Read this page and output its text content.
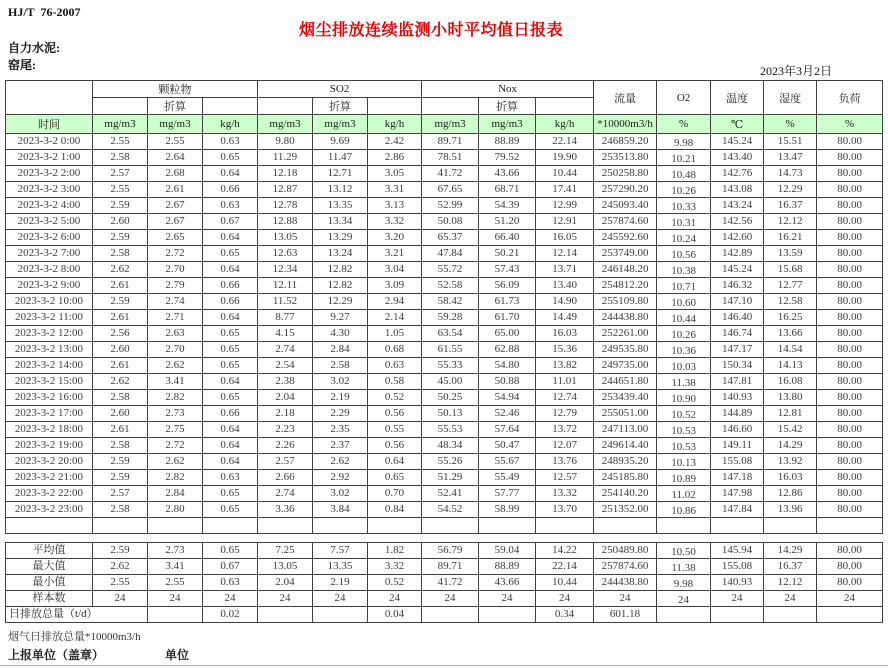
HJ/T  76-2007
烟尘排放连续监测小时平均值日报表
自力水泥:
窑尾:	2023年3月2日
	颗粒物			SO2			Nox			流量	O2	温度	湿度	负荷
		折算			折算			折算						
时间	mg/m3	mg/m3	kg/h	mg/m3	mg/m3	kg/h	mg/m3	mg/m3	kg/h	*10000m3/h	%	℃	%	%
2023-3-2 0:00	2.55	2.55	0.63	9.80	9.69	2.42	89.71	88.89	22.14	246859.20	9.98	145.24	15.51	80.00
2023-3-2 1:00	2.58	2.64	0.65	11.29	11.47	2.86	78.51	79.52	19.90	253513.80	10.21	143.40	13.47	80.00
2023-3-2 2:00	2.57	2.68	0.64	12.18	12.71	3.05	41.72	43.66	10.44	250258.80	10.48	142.76	14.73	80.00
2023-3-2 3:00	2.55	2.61	0.66	12.87	13.12	3.31	67.65	68.71	17.41	257290.20	10.26	143.08	12.29	80.00
2023-3-2 4:00	2.59	2.67	0.63	12.78	13.35	3.13	52.99	54.39	12.99	245093.40	10.33	143.24	16.37	80.00
2023-3-2 5:00	2.60	2.67	0.67	12.88	13.34	3.32	50.08	51.20	12.91	257874.60	10.31	142.56	12.12	80.00
2023-3-2 6:00	2.59	2.65	0.64	13.05	13.29	3.20	65.37	66.40	16.05	245592.60	10.24	142.60	16.21	80.00
2023-3-2 7:00	2.58	2.72	0.65	12.63	13.24	3.21	47.84	50.21	12.14	253749.00	10.56	142.89	13.59	80.00
2023-3-2 8:00	2.62	2.70	0.64	12.34	12.82	3.04	55.72	57.43	13.71	246148.20	10.38	145.24	15.68	80.00
2023-3-2 9:00	2.61	2.79	0.66	12.11	12.82	3.09	52.58	56.09	13.40	254812.20	10.71	146.32	12.77	80.00
2023-3-2 10:00	2.59	2.74	0.66	11.52	12.29	2.94	58.42	61.73	14.90	255109.80	10.60	147.10	12.58	80.00
2023-3-2 11:00	2.61	2.71	0.64	8.77	9.27	2.14	59.28	61.70	14.49	244438.80	10.44	146.40	16.25	80.00
2023-3-2 12:00	2.56	2.63	0.65	4.15	4.30	1.05	63.54	65.00	16.03	252261.00	10.26	146.74	13.66	80.00
2023-3-2 13:00	2.60	2.70	0.65	2.74	2.84	0.68	61.55	62.88	15.36	249535.80	10.36	147.17	14.54	80.00
2023-3-2 14:00	2.61	2.62	0.65	2.54	2.58	0.63	55.33	54.80	13.82	249735.00	10.03	150.34	14.13	80.00
2023-3-2 15:00	2.62	3.41	0.64	2.38	3.02	0.58	45.00	50.88	11.01	244651.80	11.38	147.81	16.08	80.00
2023-3-2 16:00	2.58	2.82	0.65	2.04	2.19	0.52	50.25	54.94	12.74	253439.40	10.90	140.93	13.80	80.00
2023-3-2 17:00	2.60	2.73	0.66	2.18	2.29	0.56	50.13	52.46	12.79	255051.00	10.52	144.89	12.81	80.00
2023-3-2 18:00	2.61	2.75	0.64	2.23	2.35	0.55	55.53	57.64	13.72	247113.00	10.53	146.60	15.42	80.00
2023-3-2 19:00	2.58	2.72	0.64	2.26	2.37	0.56	48.34	50.47	12.07	249614.40	10.53	149.11	14.29	80.00
2023-3-2 20:00	2.59	2.62	0.64	2.57	2.62	0.64	55.26	55.67	13.76	248935.20	10.13	155.08	13.92	80.00
2023-3-2 21:00	2.59	2.82	0.63	2.66	2.92	0.65	51.29	55.49	12.57	245185.80	10.89	147.18	16.03	80.00
2023-3-2 22:00	2.57	2.84	0.65	2.74	3.02	0.70	52.41	57.77	13.32	254140.20	11.02	147.98	12.86	80.00
2023-3-2 23:00	2.58	2.80	0.65	3.36	3.84	0.84	54.52	58.99	13.70	251352.00	10.86	147.84	13.96	80.00

平均值	2.59	2.73	0.65	7.25	7.57	1.82	56.79	59.04	14.22	250489.80	10.50	145.94	14.29	80.00
最大值	2.62	3.41	0.67	13.05	13.35	3.32	89.71	88.89	22.14	257874.60	11.38	155.08	16.37	80.00
最小值	2.55	2.55	0.63	2.04	2.19	0.52	41.72	43.66	10.44	244438.80	9.98	140.93	12.12	80.00
样本数	24	24	24	24	24	24	24	24	24	24	24	24	24	24
日排放总量（t/d）			0.02			0.04			0.34	601.18				
烟气日排放总量*10000m3/h
上报单位（盖章）	单位
